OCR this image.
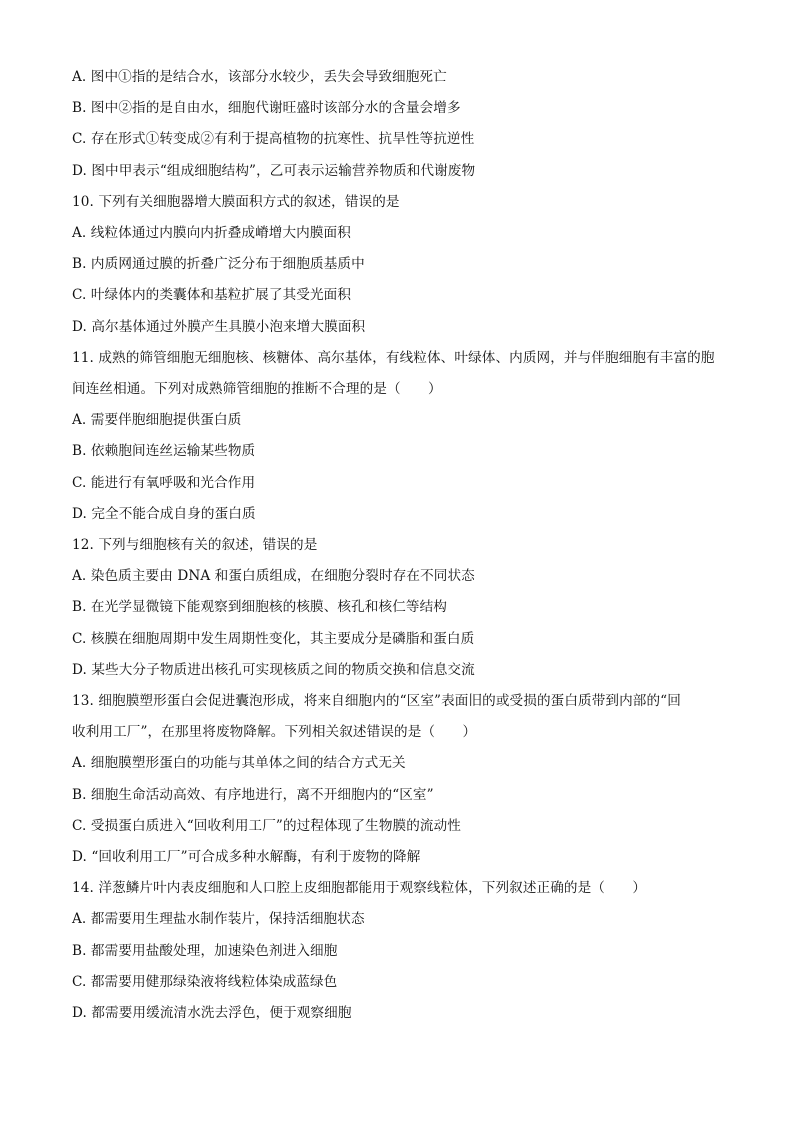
A. 图中①指的是结合水，该部分水较少，丢失会导致细胞死亡
B. 图中②指的是自由水，细胞代谢旺盛时该部分水的含量会增多
C. 存在形式①转变成②有利于提高植物的抗寒性、抗旱性等抗逆性
D. 图中甲表示“组成细胞结构”，乙可表示运输营养物质和代谢废物
10. 下列有关细胞器增大膜面积方式的叙述，错误的是
A. 线粒体通过内膜向内折叠成嵴增大内膜面积
B. 内质网通过膜的折叠广泛分布于细胞质基质中
C. 叶绿体内的类囊体和基粒扩展了其受光面积
D. 高尔基体通过外膜产生具膜小泡来增大膜面积
11. 成熟的筛管细胞无细胞核、核糖体、高尔基体，有线粒体、叶绿体、内质网，并与伴胞细胞有丰富的胞
间连丝相通。下列对成熟筛管细胞的推断不合理的是（　　）
A. 需要伴胞细胞提供蛋白质
B. 依赖胞间连丝运输某些物质
C. 能进行有氧呼吸和光合作用
D. 完全不能合成自身的蛋白质
12. 下列与细胞核有关的叙述，错误的是
A. 染色质主要由 DNA 和蛋白质组成，在细胞分裂时存在不同状态
B. 在光学显微镜下能观察到细胞核的核膜、核孔和核仁等结构
C. 核膜在细胞周期中发生周期性变化，其主要成分是磷脂和蛋白质
D. 某些大分子物质进出核孔可实现核质之间的物质交换和信息交流
13. 细胞膜塑形蛋白会促进囊泡形成，将来自细胞内的“区室”表面旧的或受损的蛋白质带到内部的“回
收利用工厂”，在那里将废物降解。下列相关叙述错误的是（　　）
A. 细胞膜塑形蛋白的功能与其单体之间的结合方式无关
B. 细胞生命活动高效、有序地进行，离不开细胞内的“区室”
C. 受损蛋白质进入“回收利用工厂”的过程体现了生物膜的流动性
D. “回收利用工厂”可合成多种水解酶，有利于废物的降解
14. 洋葱鳞片叶内表皮细胞和人口腔上皮细胞都能用于观察线粒体，下列叙述正确的是（　　）
A. 都需要用生理盐水制作装片，保持活细胞状态
B. 都需要用盐酸处理，加速染色剂进入细胞
C. 都需要用健那绿染液将线粒体染成蓝绿色
D. 都需要用缓流清水洗去浮色，便于观察细胞
